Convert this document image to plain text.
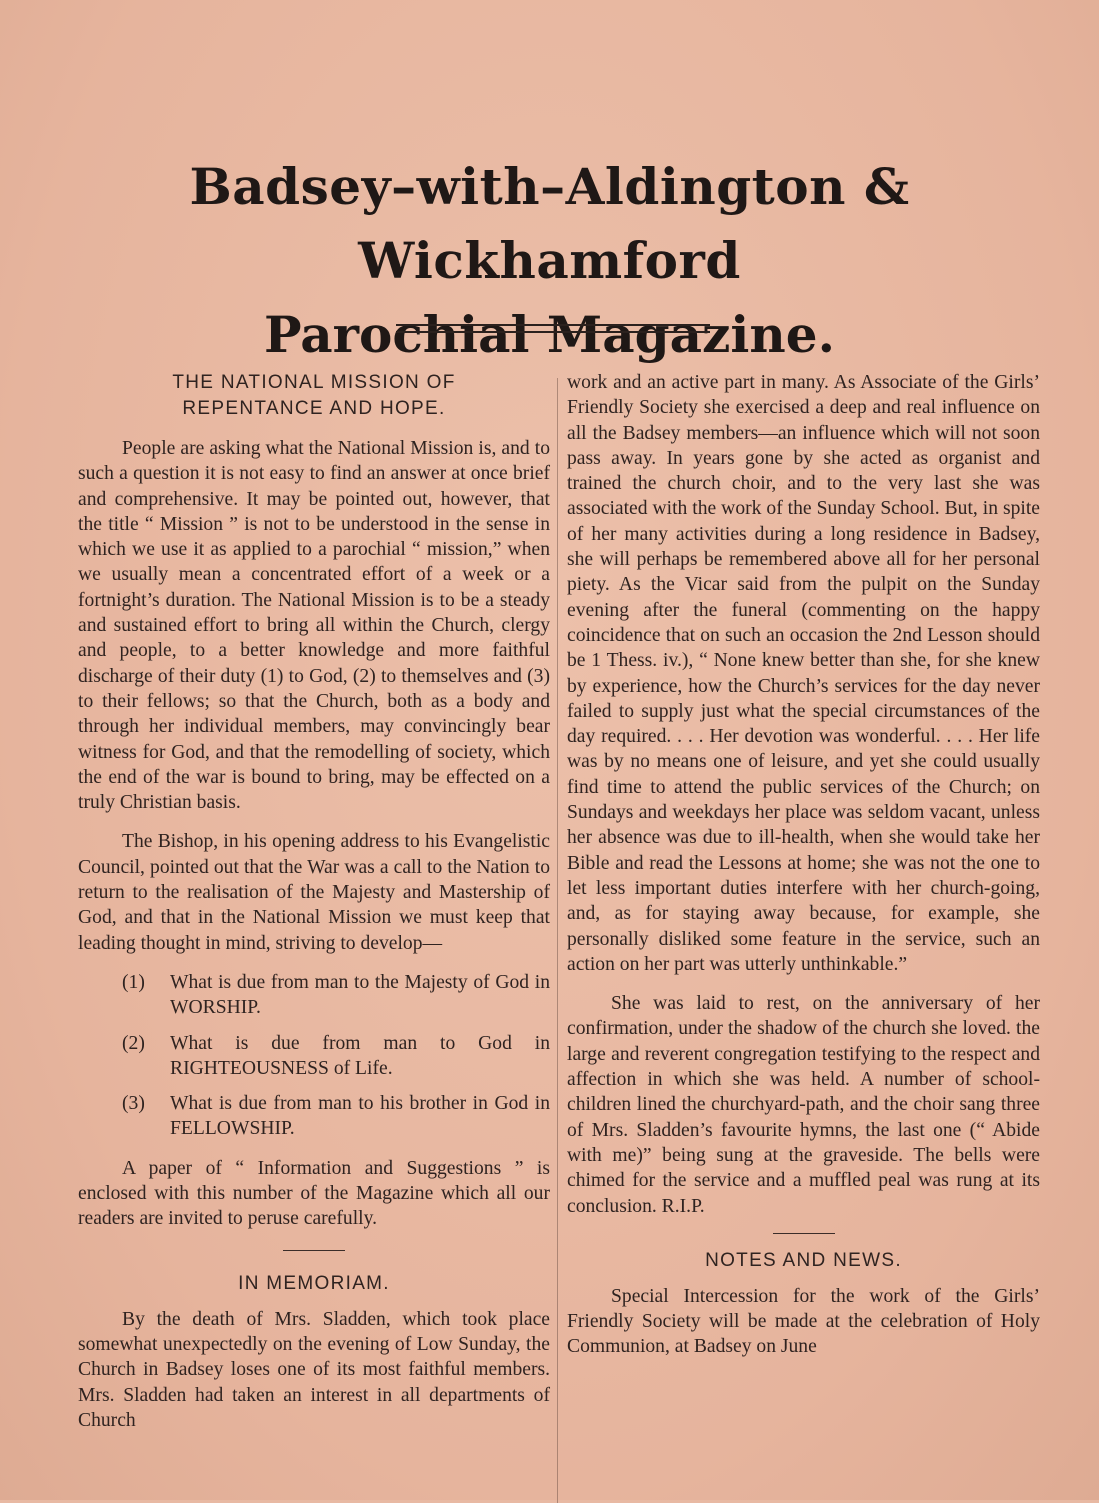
Badsey–with–Aldington & Wickhamford
Parochial Magazine.
THE NATIONAL MISSION OF
REPENTANCE AND HOPE.

People are asking what the National Mission is, and to such a question it is not easy to find an answer at once brief and comprehensive. It may be pointed out, however, that the title “ Mission ” is not to be understood in the sense in which we use it as applied to a parochial “ mission,” when we usually mean a concentrated effort of a week or a fortnight’s duration. The National Mission is to be a steady and sustained effort to bring all within the Church, clergy and people, to a better knowledge and more faithful discharge of their duty (1) to God, (2) to themselves and (3) to their fellows; so that the Church, both as a body and through her individual members, may convincingly bear witness for God, and that the remodelling of society, which the end of the war is bound to bring, may be effected on a truly Christian basis.

The Bishop, in his opening address to his Evangelistic Council, pointed out that the War was a call to the Nation to return to the realisation of the Majesty and Mastership of God, and that in the National Mission we must keep that leading thought in mind, striving to develop—

(1) What is due from man to the Majesty of God in WORSHIP.
(2) What is due from man to God in RIGHTEOUSNESS of Life.
(3) What is due from man to his brother in God in FELLOWSHIP.

A paper of “ Information and Suggestions ” is enclosed with this number of the Magazine which all our readers are invited to peruse carefully.

IN MEMORIAM.

By the death of Mrs. Sladden, which took place somewhat unexpectedly on the evening of Low Sunday, the Church in Badsey loses one of its most faithful members. Mrs. Sladden had taken an interest in all departments of Church

work and an active part in many. As Associate of the Girls’ Friendly Society she exercised a deep and real influence on all the Badsey members—an influence which will not soon pass away. In years gone by she acted as organist and trained the church choir, and to the very last she was associated with the work of the Sunday School. But, in spite of her many activities during a long residence in Badsey, she will perhaps be remembered above all for her personal piety. As the Vicar said from the pulpit on the Sunday evening after the funeral (commenting on the happy coincidence that on such an occasion the 2nd Lesson should be 1 Thess. iv.), “ None knew better than she, for she knew by experience, how the Church’s services for the day never failed to supply just what the special circumstances of the day required. . . . Her devotion was wonderful. . . . Her life was by no means one of leisure, and yet she could usually find time to attend the public services of the Church; on Sundays and weekdays her place was seldom vacant, unless her absence was due to ill-health, when she would take her Bible and read the Lessons at home; she was not the one to let less important duties interfere with her church-going, and, as for staying away because, for example, she personally disliked some feature in the service, such an action on her part was utterly unthinkable.”

She was laid to rest, on the anniversary of her confirmation, under the shadow of the church she loved. the large and reverent congregation testifying to the respect and affection in which she was held. A number of school-children lined the churchyard-path, and the choir sang three of Mrs. Sladden’s favourite hymns, the last one (“ Abide with me)” being sung at the graveside. The bells were chimed for the service and a muffled peal was rung at its conclusion. R.I.P.

NOTES AND NEWS.

Special Intercession for the work of the Girls’ Friendly Society will be made at the celebration of Holy Communion, at Badsey on June
